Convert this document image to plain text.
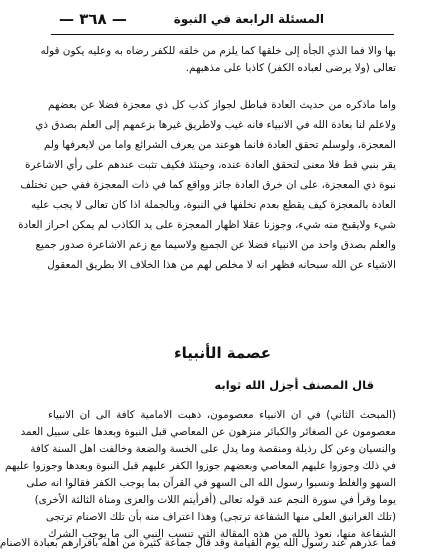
المسئلة الرابعة في النبوة
— ٣٦٨ —
بها والا فما الذي الجأه إلى خلقها كما يلزم من خلقه للكفر رضاه به وعليه يكون قوله
تعالى (ولا يرضى لعباده الكفر) كاذبا على مذهبهم.
واما ماذكره من حديث العادة فباطل لجواز كذب كل ذي معجزة فضلا عن بعضهم
ولاعلم لنا بعادة الله في الانبياء فانه غيب ولاطريق غيرها بزعمهم إلى العلم بصدق ذي
المعجزة، ولوسلم تحقق العادة فانما هوعند من يعرف الشرائع واما من لايعرفها ولم
يقر بنبي قط فلا معنى لتحقق العادة عنده، وحينئذ فكيف تثبت عندهم على رأي الاشاعرة
نبوة ذي المعجزة، على ان خرق العادة جائز وواقع كما في ذات المعجزة ففي حين تختلف
العادة بالمعجزة كيف يقطع بعدم تخلفها في النبوة، وبالجملة اذا كان تعالى لا يجب عليه
شيء ولايقبح منه شيء، وجوزنا عقلا اظهار المعجزة على يد الكاذب لم يمكن احراز العادة
والعلم بصدق واحد من الانبياء فضلا عن الجميع ولاسيما مع زعم الاشاعرة صدور جميع
الاشياء عن الله سبحانه فظهر انه لا مخلص لهم من هذا الخلاف الا بطريق المعقول
عصمة الأنبياء
قال المصنف أجزل الله ثوابه
(المبحث الثاني) في ان الانبياء معصومون، ذهبت الامامية كافة الى ان الانبياء
معصومون عن الصغائر والكبائر منزهون عن المعاصي قبل النبوة وبعدها على سبيل العمد
والنسيان وعن كل رذيلة ومنقصة وما يدل على الخسة والضعة وخالفت اهل السنة كافة
في ذلك وجوزوا عليهم المعاصي وبعضهم جوزوا الكفر عليهم قبل النبوة وبعدها وجوزوا عليهم
السهو والغلط ونسبوا رسول الله الى السهو في القرآن بما يوجب الكفر فقالوا انه صلى
يوما وقرأ في سورة النجم عند قوله تعالى (أفرأيتم اللات والعزى ومناة الثالثة الأخرى)
(تلك الغرانيق العلى منها الشفاعة ترتجى) وهذا اعتراف منه بأن تلك الاصنام ترتجى
الشفاعة منها، نعوذ بالله من هذه المقالة التي تنسب النبي الى ما يوجب الشرك
فما عذرهم عند رسول الله يوم القيامة وقد قال جماعة كثيرة من اهله باقرارهم بعبادة الاصنام
